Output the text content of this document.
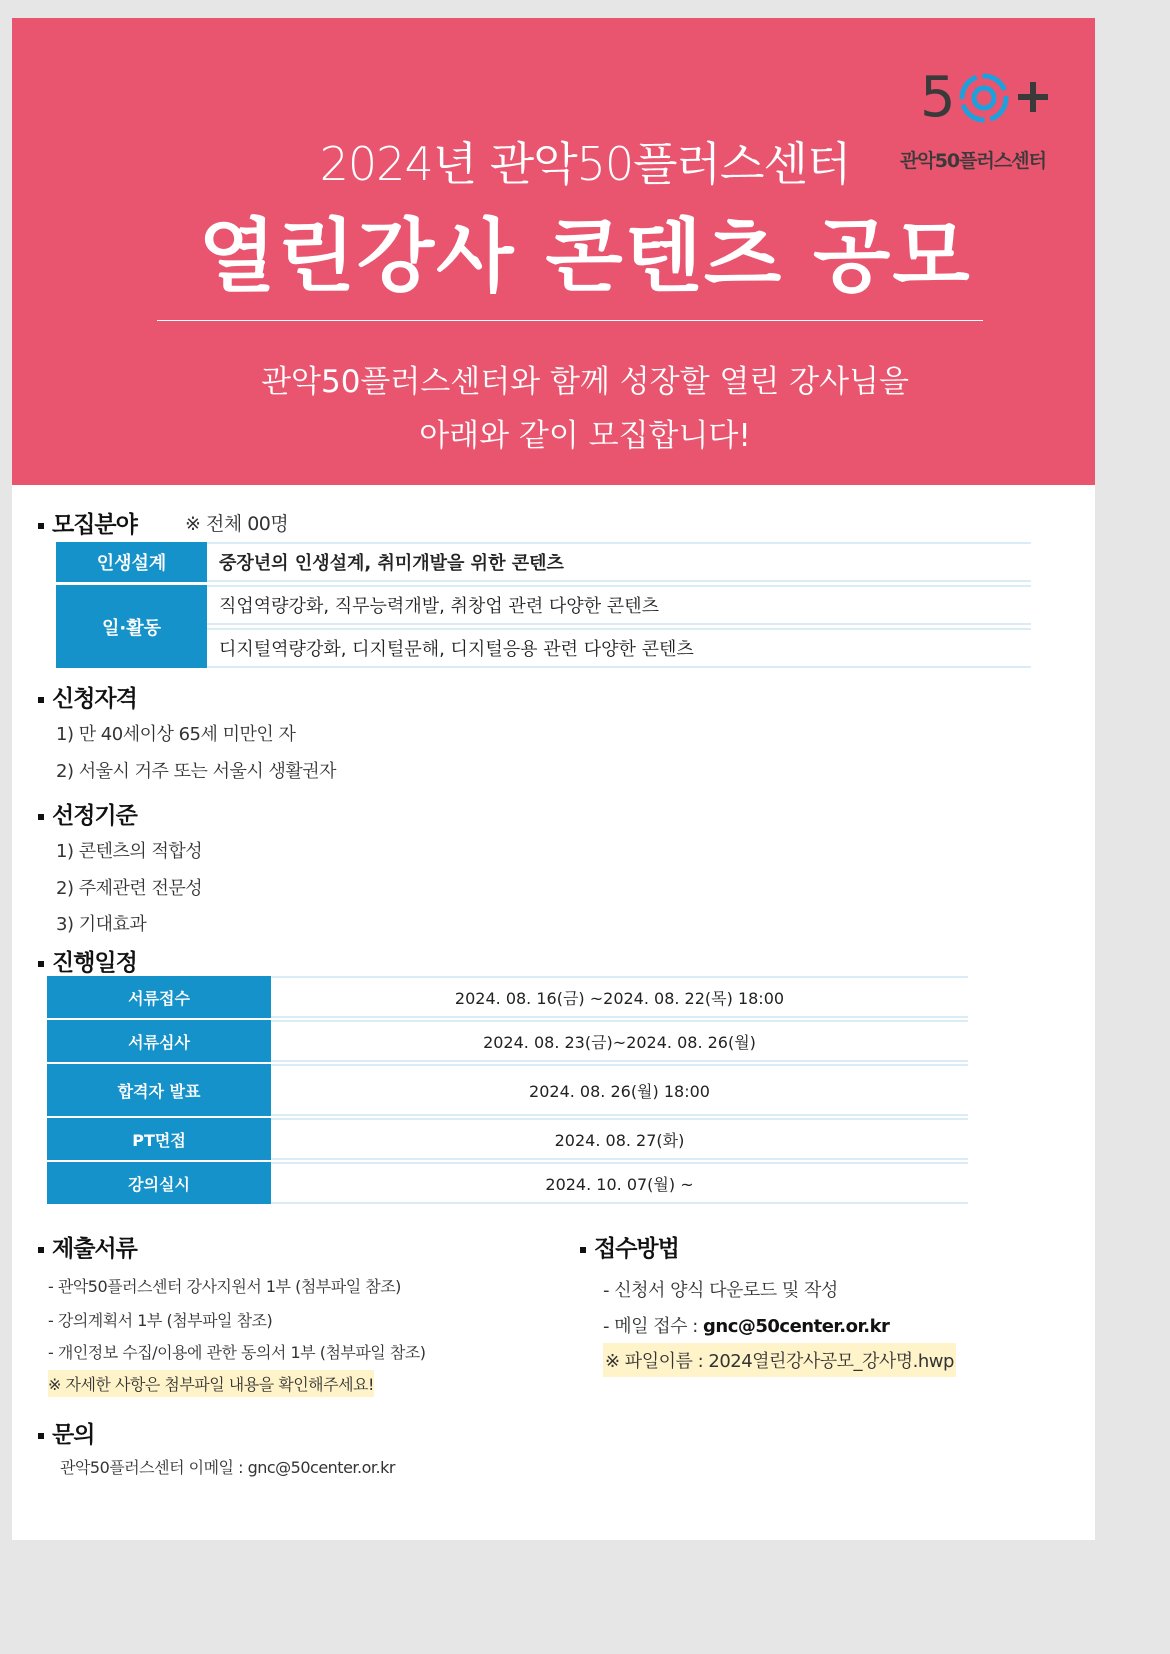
5
관악50플러스센터
2024년 관악50플러스센터
열린강사 콘텐츠 공모
관악50플러스센터와 함께 성장할 열린 강사님을
아래와 같이 모집합니다!
모집분야	※ 전체 00명
인생설계	중장년의 인생설계, 취미개발을 위한 콘텐츠
일·활동	직업역량강화, 직무능력개발, 취창업 관련 다양한 콘텐츠
	디지털역량강화, 디지털문해, 디지털응용 관련 다양한 콘텐츠
신청자격
1) 만 40세이상 65세 미만인 자
2) 서울시 거주 또는 서울시 생활권자
선정기준
1) 콘텐츠의 적합성
2) 주제관련 전문성
3) 기대효과
진행일정
서류접수	2024. 08. 16(금) ~2024. 08. 22(목) 18:00
서류심사	2024. 08. 23(금)~2024. 08. 26(월)
합격자 발표	2024. 08. 26(월) 18:00
PT면접	2024. 08. 27(화)
강의실시	2024. 10. 07(월) ~
제출서류
- 관악50플러스센터 강사지원서 1부 (첨부파일 참조)
- 강의계획서 1부 (첨부파일 참조)
- 개인정보 수집/이용에 관한 동의서 1부 (첨부파일 참조)
※ 자세한 사항은 첨부파일 내용을 확인해주세요!
접수방법
- 신청서 양식 다운로드 및 작성
- 메일 접수 : gnc@50center.or.kr
※ 파일이름 : 2024열린강사공모_강사명.hwp
문의
관악50플러스센터 이메일 : gnc@50center.or.kr
